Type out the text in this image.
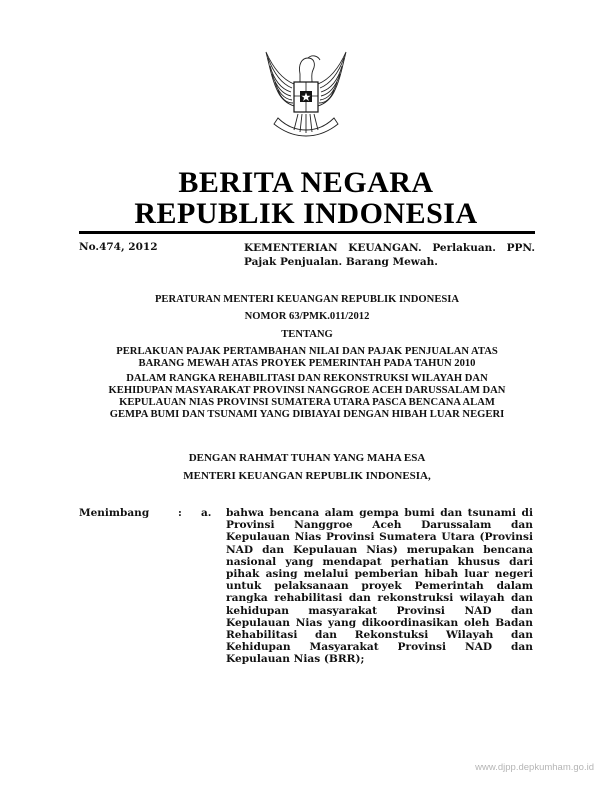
BERITA NEGARA
REPUBLIK INDONESIA
No.474, 2012	KEMENTERIAN KEUANGAN. Perlakuan. PPN.
Pajak Penjualan. Barang Mewah.
PERATURAN MENTERI KEUANGAN REPUBLIK INDONESIA
NOMOR 63/PMK.011/2012
TENTANG
PERLAKUAN PAJAK PERTAMBAHAN NILAI DAN PAJAK PENJUALAN ATAS
BARANG MEWAH ATAS PROYEK PEMERINTAH PADA TAHUN 2010
DALAM RANGKA REHABILITASI DAN REKONSTRUKSI WILAYAH DAN
KEHIDUPAN MASYARAKAT PROVINSI NANGGROE ACEH DARUSSALAM DAN
KEPULAUAN NIAS PROVINSI SUMATERA UTARA PASCA BENCANA ALAM
GEMPA BUMI DAN TSUNAMI YANG DIBIAYAI DENGAN HIBAH LUAR NEGERI
DENGAN RAHMAT TUHAN YANG MAHA ESA
MENTERI KEUANGAN REPUBLIK INDONESIA,
Menimbang	: a. bahwa bencana alam gempa bumi dan tsunami di Provinsi Nanggroe Aceh Darussalam dan Kepulauan Nias Provinsi Sumatera Utara (Provinsi NAD dan Kepulauan Nias) merupakan bencana nasional yang mendapat perhatian khusus dari pihak asing melalui pemberian hibah luar negeri untuk pelaksanaan proyek Pemerintah dalam rangka rehabilitasi dan rekonstruksi wilayah dan kehidupan masyarakat Provinsi NAD dan Kepulauan Nias yang dikoordinasikan oleh Badan Rehabilitasi dan Rekonstuksi Wilayah dan Kehidupan Masyarakat Provinsi NAD dan Kepulauan Nias (BRR);
www.djpp.depkumham.go.id
